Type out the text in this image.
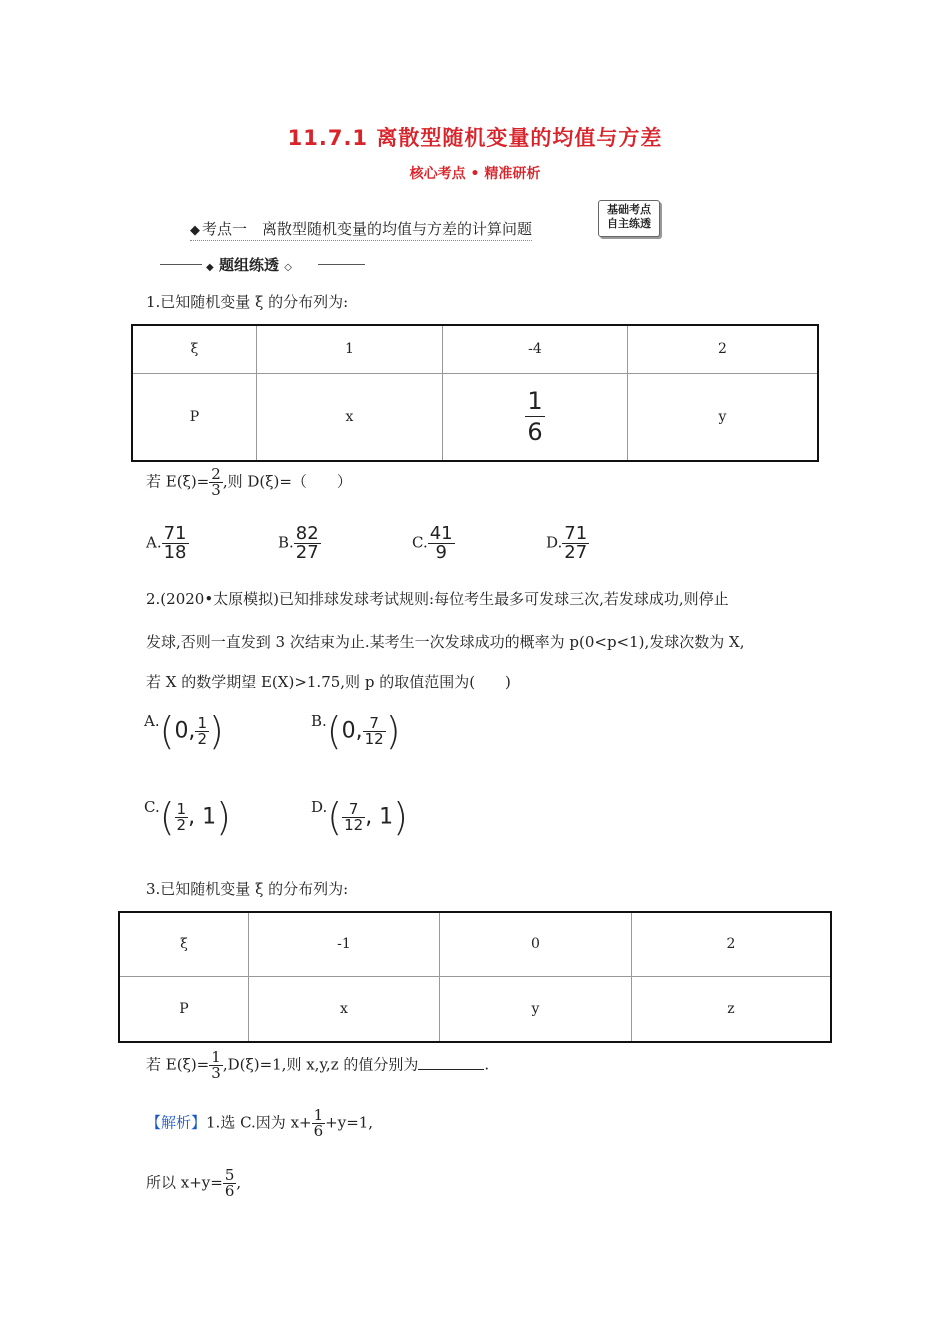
11.7.1 离散型随机变量的均值与方差
核心考点 • 精准研析
◆ 考点一　离散型随机变量的均值与方差的计算问题
基础考点
自主练透
◆ 题组练透 ◇
1.已知随机变量 ξ 的分布列为:
ξ	1	-4	2
P	x	$\frac{1}{6}$	y
若 $E(\xi)= \frac{2}{3}$ ,则 D(ξ)=（　　）
A. $\frac{71}{18}$	B. $\frac{82}{27}$	C. $\frac{41}{9}$	D. $\frac{71}{27}$
2.(2020•太原模拟)已知排球发球考试规则:每位考生最多可发球三次,若发球成功,则停止
发球,否则一直发到 3 次结束为止.某考生一次发球成功的概率为 p(0<p<1),发球次数为 X,
若 X 的数学期望 E(X)>1.75,则 p 的取值范围为(　　)
A.(0, $\frac{1}{2}$ )	B.(0, $\frac{7}{12}$ )
$C.( \frac{1}{2}$ , 1)	$D.( \frac{7}{12}$ , 1)
3.已知随机变量 ξ 的分布列为:
ξ	-1	0	2
P	x	y	z
若 $E(\xi)= \frac{1}{3} ,D(\xi)=1$,则 x,y,z 的值分别为	.
【解析】1.选 C.因为 $x+ \frac{1}{6} +y=1$,
所以 $x+y= \frac{5}{6}$ ,
